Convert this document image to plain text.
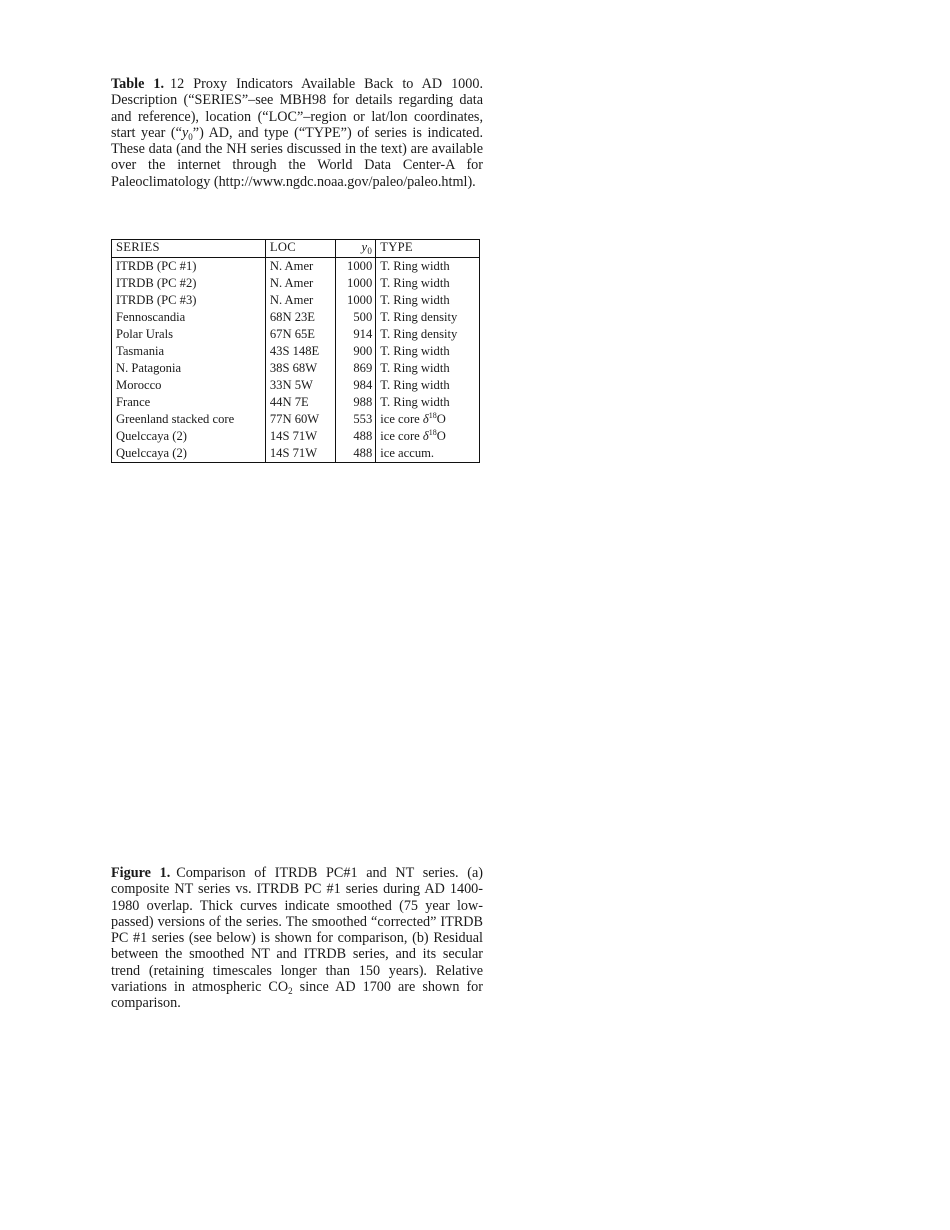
Table 1. 12 Proxy Indicators Available Back to AD 1000. Description (“SERIES”–see MBH98 for details regarding data and reference), location (“LOC”–region or lat/lon coordinates, start year $(“y_0”)$ AD, and type (“TYPE”) of series is indicated. These data (and the NH series discussed in the text) are available over the internet through the World Data Center-A for Paleoclimatology (http://www.ngdc.noaa.gov/paleo/paleo.html).
SERIES	LOC	$y_0$	TYPE
ITRDB (PC #1)	N. Amer	1000	T. Ring width
ITRDB (PC #2)	N. Amer	1000	T. Ring width
ITRDB (PC #3)	N. Amer	1000	T. Ring width
Fennoscandia	68N 23E	500	T. Ring density
Polar Urals	67N 65E	914	T. Ring density
Tasmania	43S 148E	900	T. Ring width
N. Patagonia	38S 68W	869	T. Ring width
Morocco	33N 5W	984	T. Ring width
France	44N 7E	988	T. Ring width
Greenland stacked core	77N 60W	553	ice core $\delta^{18}O$
Quelccaya (2)	14S 71W	488	ice core $\delta^{18}O$
Quelccaya (2)	14S 71W	488	ice accum.
Figure 1. Comparison of ITRDB PC#1 and NT series. (a) composite NT series vs. ITRDB PC #1 series during AD 1400-1980 overlap. Thick curves indicate smoothed (75 year low-passed) versions of the series. The smoothed “corrected” ITRDB PC #1 series (see below) is shown for comparison, (b) Residual between the smoothed NT and ITRDB series, and its secular trend (retaining timescales longer than 150 years). Relative variations in atmospheric $CO_2$ since AD 1700 are shown for comparison.
